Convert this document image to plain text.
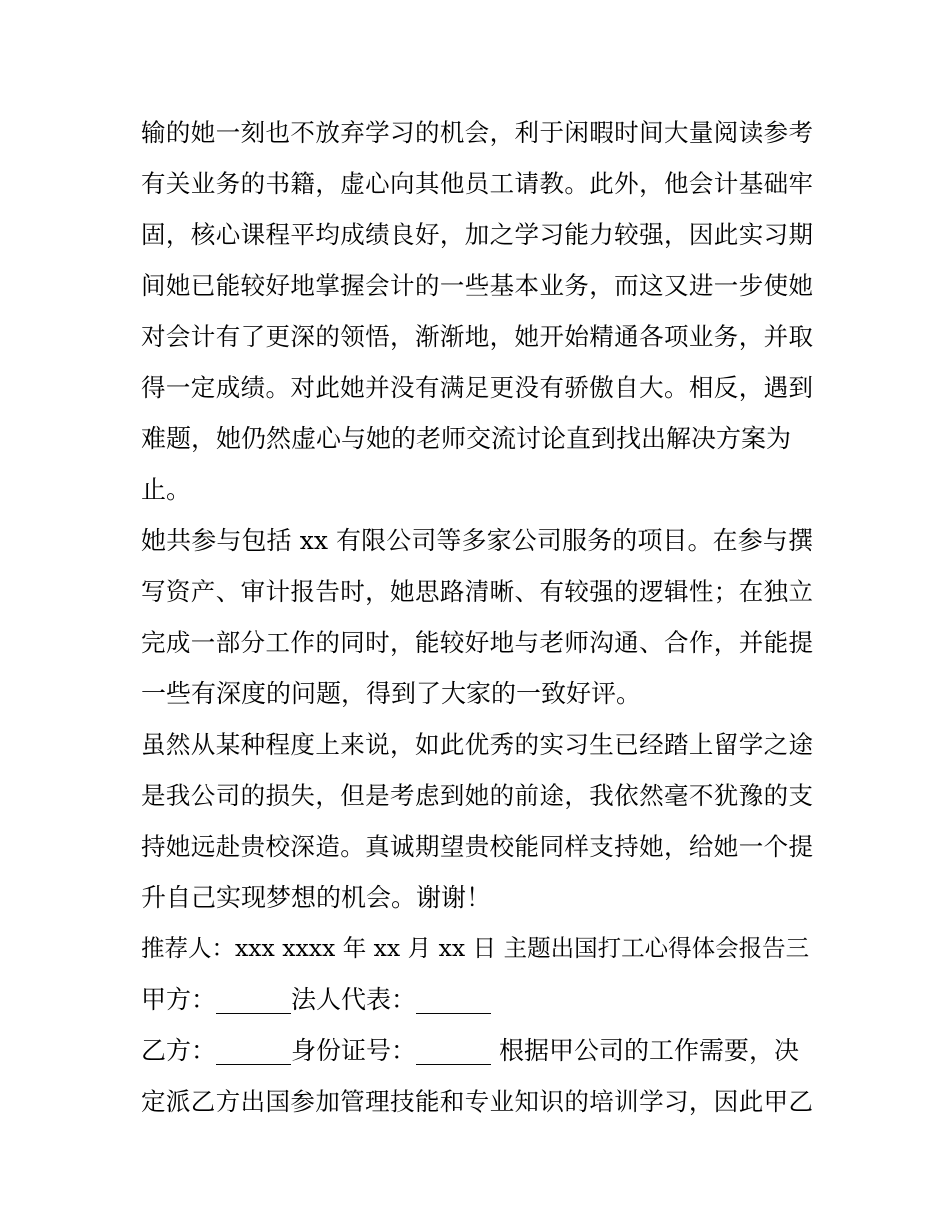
输的她一刻也不放弃学习的机会，利于闲暇时间大量阅读参考
有关业务的书籍，虚心向其他员工请教。此外，他会计基础牢
固，核心课程平均成绩良好，加之学习能力较强，因此实习期
间她已能较好地掌握会计的一些基本业务，而这又进一步使她
对会计有了更深的领悟，渐渐地，她开始精通各项业务，并取
得一定成绩。对此她并没有满足更没有骄傲自大。相反，遇到
难题，她仍然虚心与她的老师交流讨论直到找出解决方案为
止。
她共参与包括 xx 有限公司等多家公司服务的项目。在参与撰
写资产、审计报告时，她思路清晰、有较强的逻辑性；在独立
完成一部分工作的同时，能较好地与老师沟通、合作，并能提
一些有深度的问题，得到了大家的一致好评。
虽然从某种程度上来说，如此优秀的实习生已经踏上留学之途
是我公司的损失，但是考虑到她的前途，我依然毫不犹豫的支
持她远赴贵校深造。真诚期望贵校能同样支持她，给她一个提
升自己实现梦想的机会。谢谢！
推荐人：xxx xxxx 年 xx 月 xx 日 主题出国打工心得体会报告三
甲方：______法人代表：______
乙方：______身份证号：______ 根据甲公司的工作需要，决
定派乙方出国参加管理技能和专业知识的培训学习，因此甲乙
